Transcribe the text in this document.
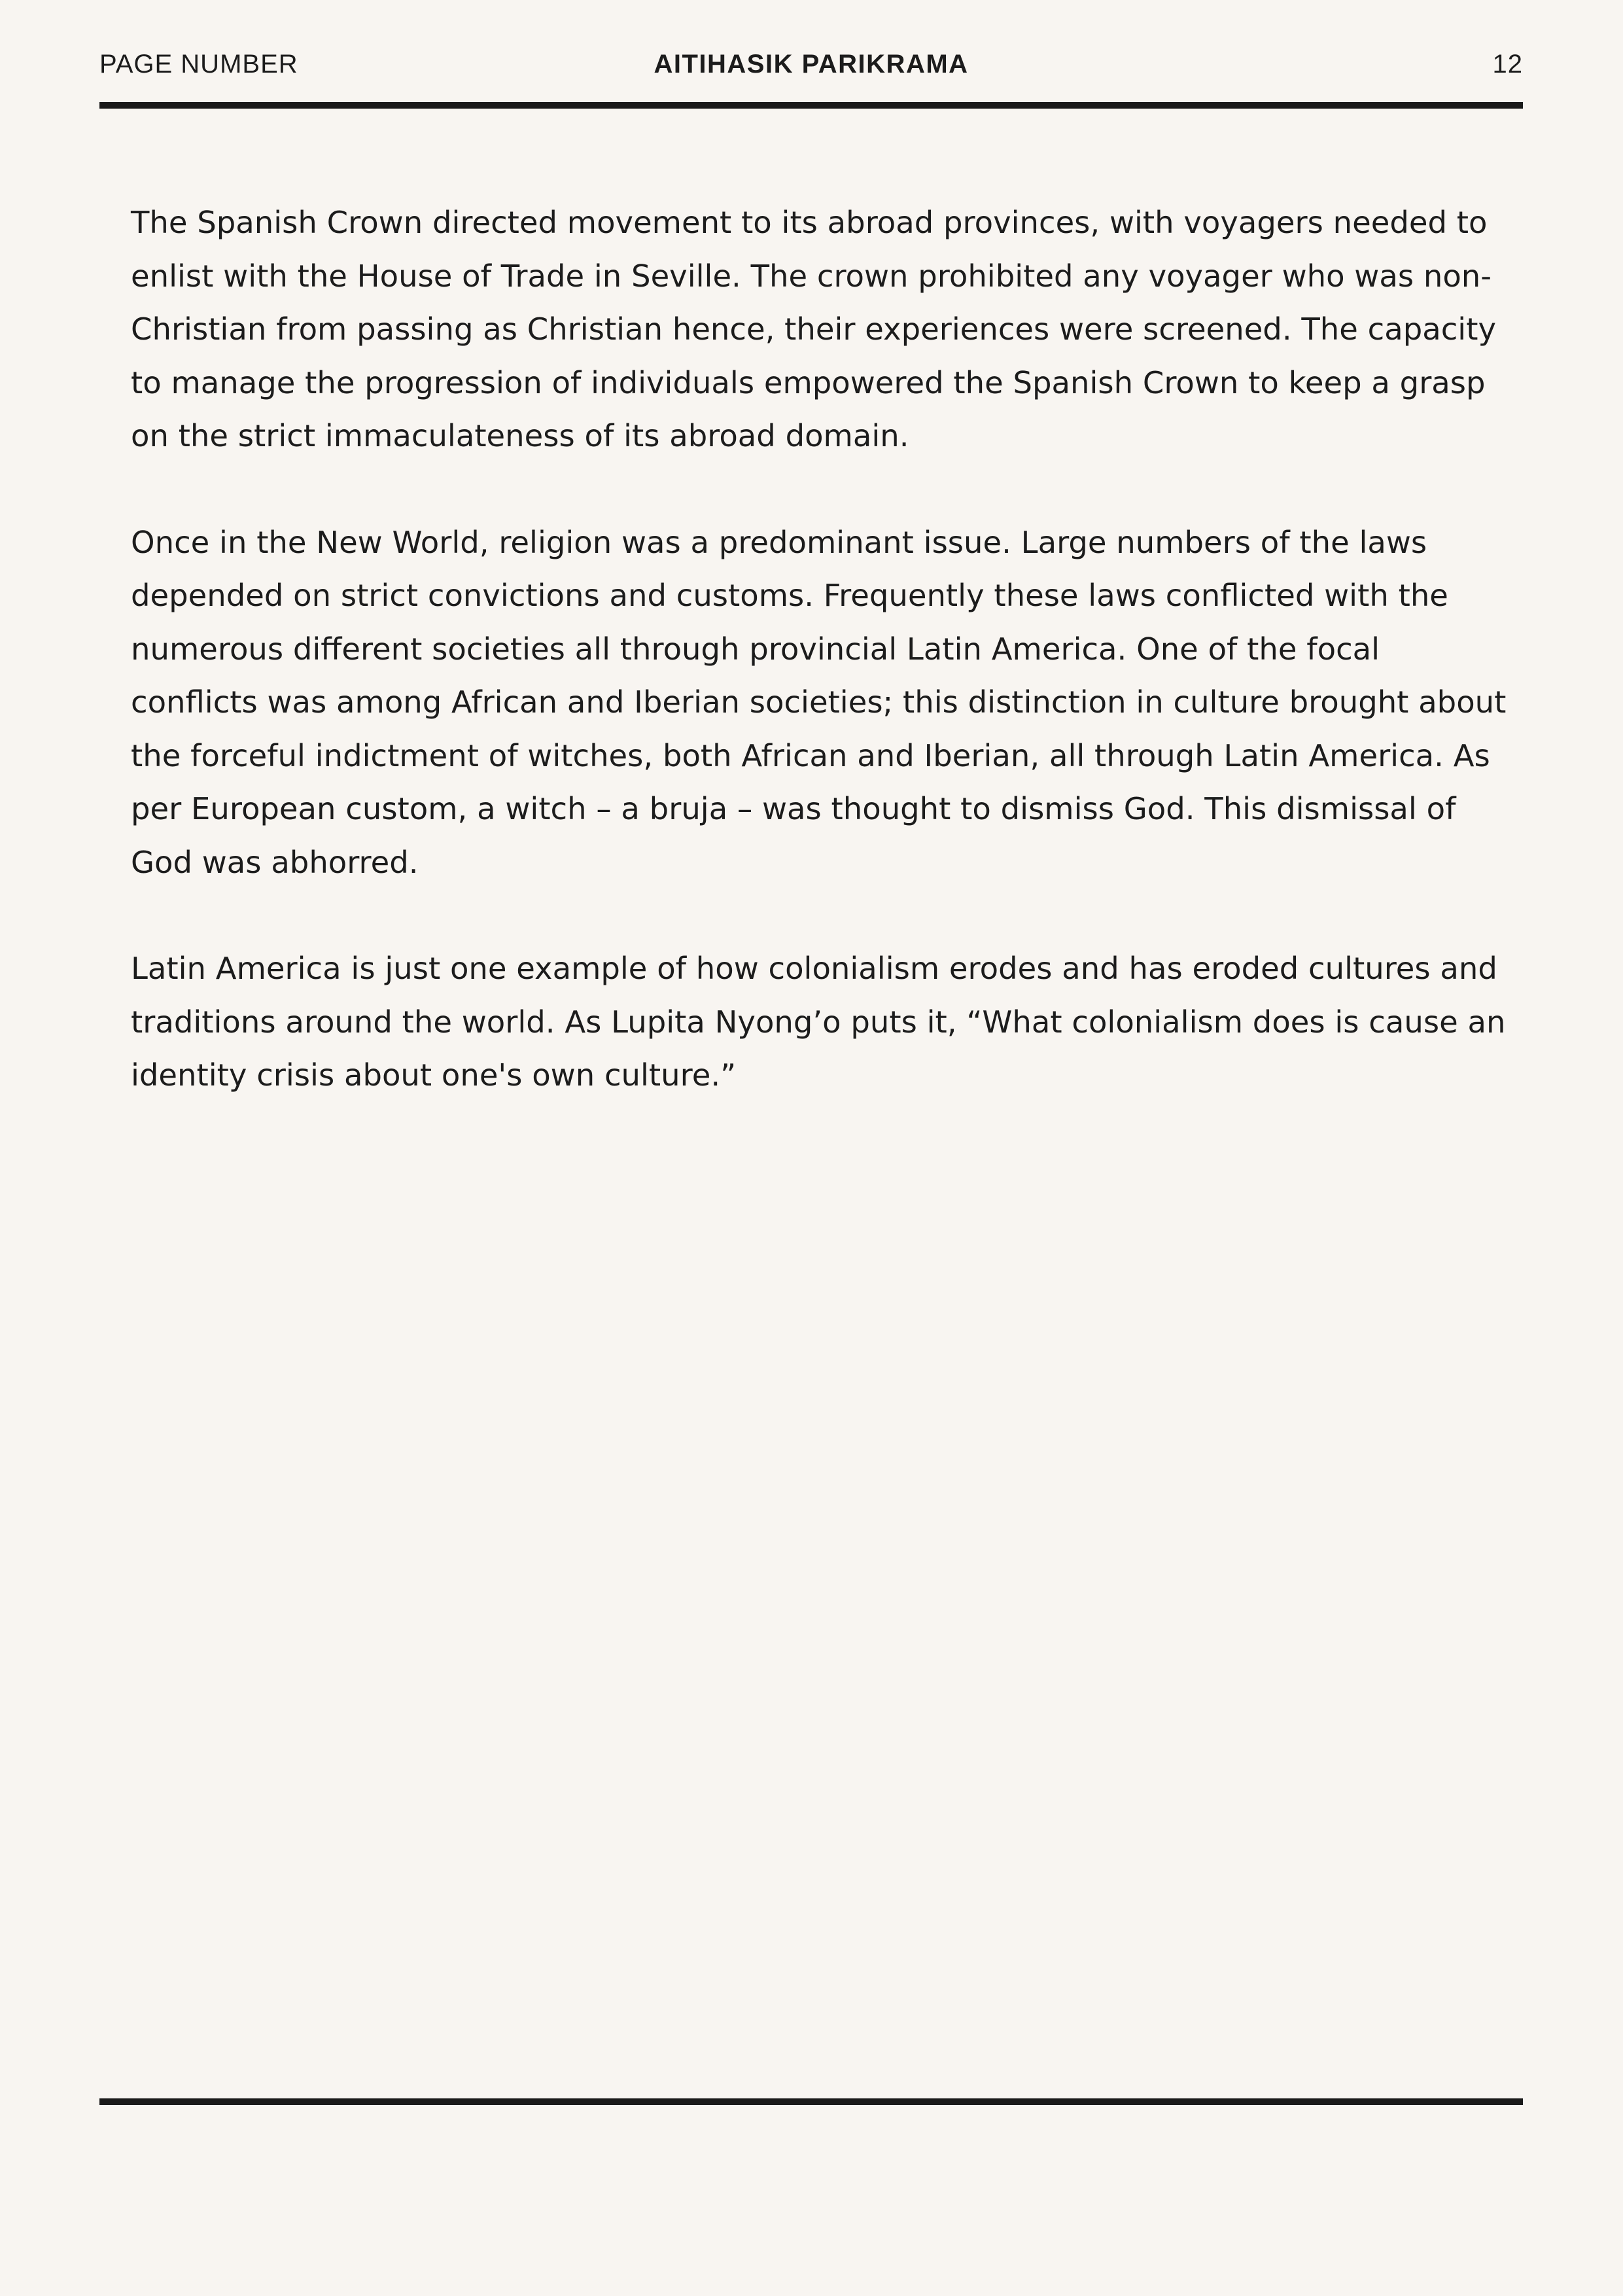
PAGE NUMBER	AITIHASIK PARIKRAMA	12

The Spanish Crown directed movement to its abroad provinces, with voyagers needed to enlist with the House of Trade in Seville. The crown prohibited any voyager who was non-Christian from passing as Christian hence, their experiences were screened. The capacity to manage the progression of individuals empowered the Spanish Crown to keep a grasp on the strict immaculateness of its abroad domain.

Once in the New World, religion was a predominant issue. Large numbers of the laws depended on strict convictions and customs. Frequently these laws conflicted with the numerous different societies all through provincial Latin America. One of the focal conflicts was among African and Iberian societies; this distinction in culture brought about the forceful indictment of witches, both African and Iberian, all through Latin America. As per European custom, a witch – a bruja – was thought to dismiss God. This dismissal of God was abhorred.

Latin America is just one example of how colonialism erodes and has eroded cultures and traditions around the world. As Lupita Nyong’o puts it, “What colonialism does is cause an identity crisis about one's own culture.”
